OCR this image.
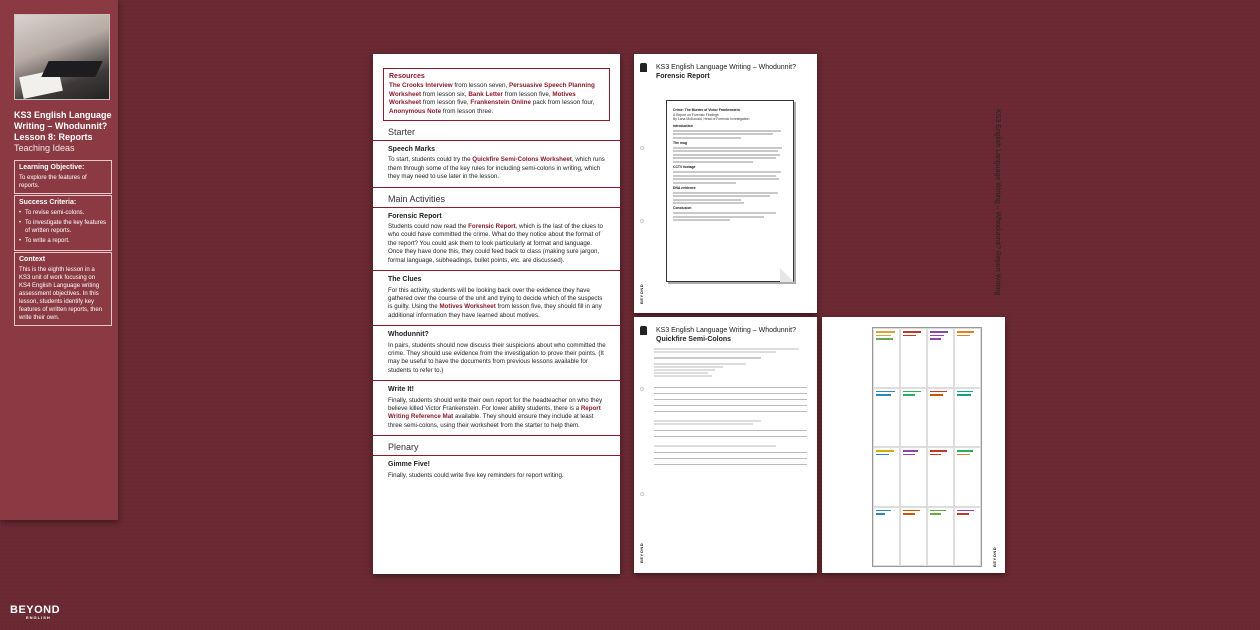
KS3 English Language Writing – Whodunnit? Lesson 8: Reports
Teaching Ideas
Learning Objective:
To explore the features of reports.
Success Criteria:
• To revise semi-colons.
• To investigate the key features of written reports.
• To write a report.
Context
This is the eighth lesson in a KS3 unit of work focusing on KS4 English Language writing assessment objectives. In this lesson, students identify key features of written reports, then write their own.
BEYOND
ENGLISH
Resources
The Crooks Interview from lesson seven, Persuasive Speech Planning Worksheet from lesson six, Bank Letter from lesson five, Motives Worksheet from lesson five, Frankenstein Online pack from lesson four, Anonymous Note from lesson three.
Starter
Speech Marks
To start, students could try the Quickfire Semi-Colons Worksheet, which runs them through some of the key rules for including semi-colons in writing, which they may need to use later in the lesson.
Main Activities
Forensic Report
Students could now read the Forensic Report, which is the last of the clues to who could have committed the crime. What do they notice about the format of the report? You could ask them to look particularly at format and language. Once they have done this, they could feed back to class (making sure jargon, formal language, subheadings, bullet points, etc. are discussed).
The Clues
For this activity, students will be looking back over the evidence they have gathered over the course of the unit and trying to decide which of the suspects is guilty. Using the Motives Worksheet from lesson five, they should fill in any additional information they have learned about motives.
Whodunnit?
In pairs, students should now discuss their suspicions about who committed the crime. They should use evidence from the investigation to prove their points. (It may be useful to have the documents from previous lessons available for students to refer to.)
Write It!
Finally, students should write their own report for the headteacher on who they believe killed Victor Frankenstein. For lower ability students, there is a Report Writing Reference Mat available. They should ensure they include at least three semi-colons, using their worksheet from the starter to help them.
Plenary
Gimme Five!
Finally, students could write five key reminders for report writing.
KS3 English Language Writing – Whodunnit?
Forensic Report
Crime: The Murder of Victor Frankenstein
A Report on Forensic Findings
By Lana McDonald, Head of Forensic Investigation
Introduction
The mug
CCTV footage
DNA evidence
Conclusion
BEYOND
KS3 English Language Writing – Whodunnit?
Quickfire Semi-Colons
BEYOND
KS3 English Language Writing – Whodunnit? Report Writing
BEYOND
